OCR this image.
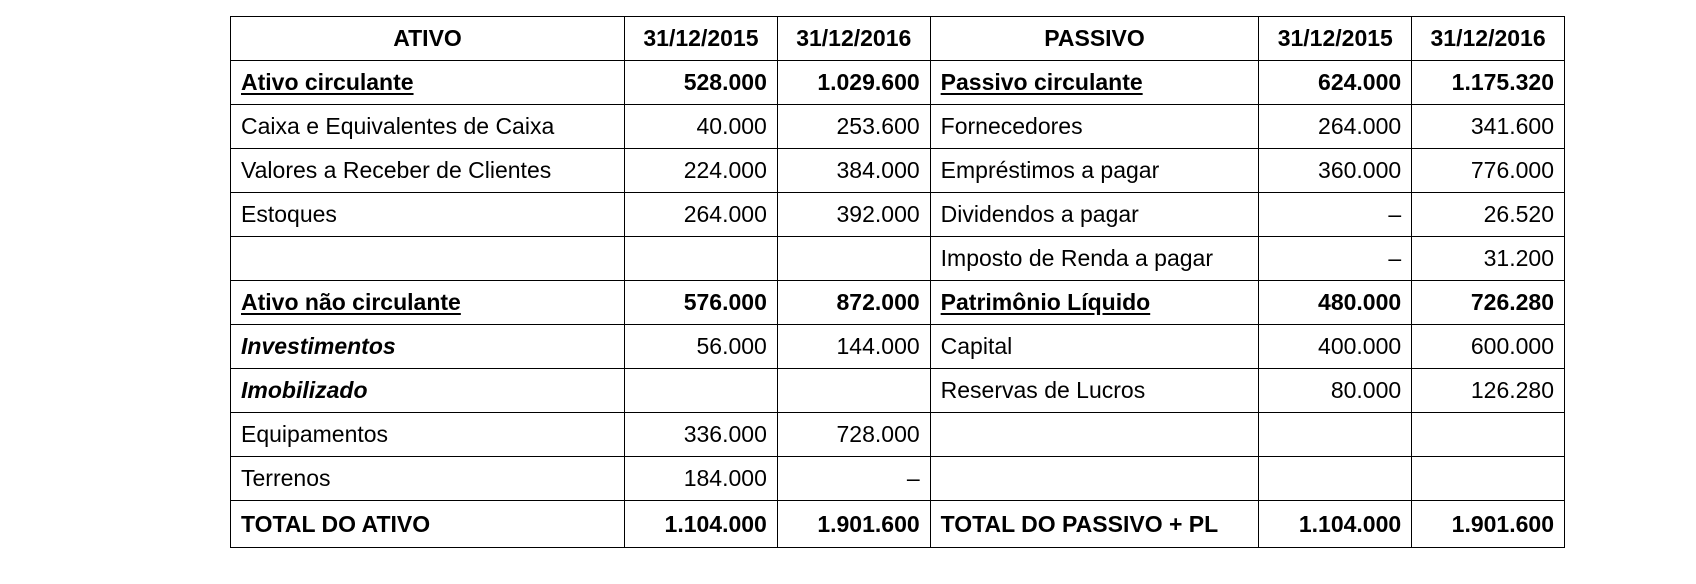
ATIVO	31/12/2015	31/12/2016	PASSIVO	31/12/2015	31/12/2016
Ativo circulante	528.000	1.029.600	Passivo circulante	624.000	1.175.320
Caixa e Equivalentes de Caixa	40.000	253.600	Fornecedores	264.000	341.600
Valores a Receber de Clientes	224.000	384.000	Empréstimos a pagar	360.000	776.000
Estoques	264.000	392.000	Dividendos a pagar	–	26.520
			Imposto de Renda a pagar	–	31.200
Ativo não circulante	576.000	872.000	Patrimônio Líquido	480.000	726.280
Investimentos	56.000	144.000	Capital	400.000	600.000
Imobilizado			Reservas de Lucros	80.000	126.280
Equipamentos	336.000	728.000			
Terrenos	184.000	–			
TOTAL DO ATIVO	1.104.000	1.901.600	TOTAL DO PASSIVO + PL	1.104.000	1.901.600
